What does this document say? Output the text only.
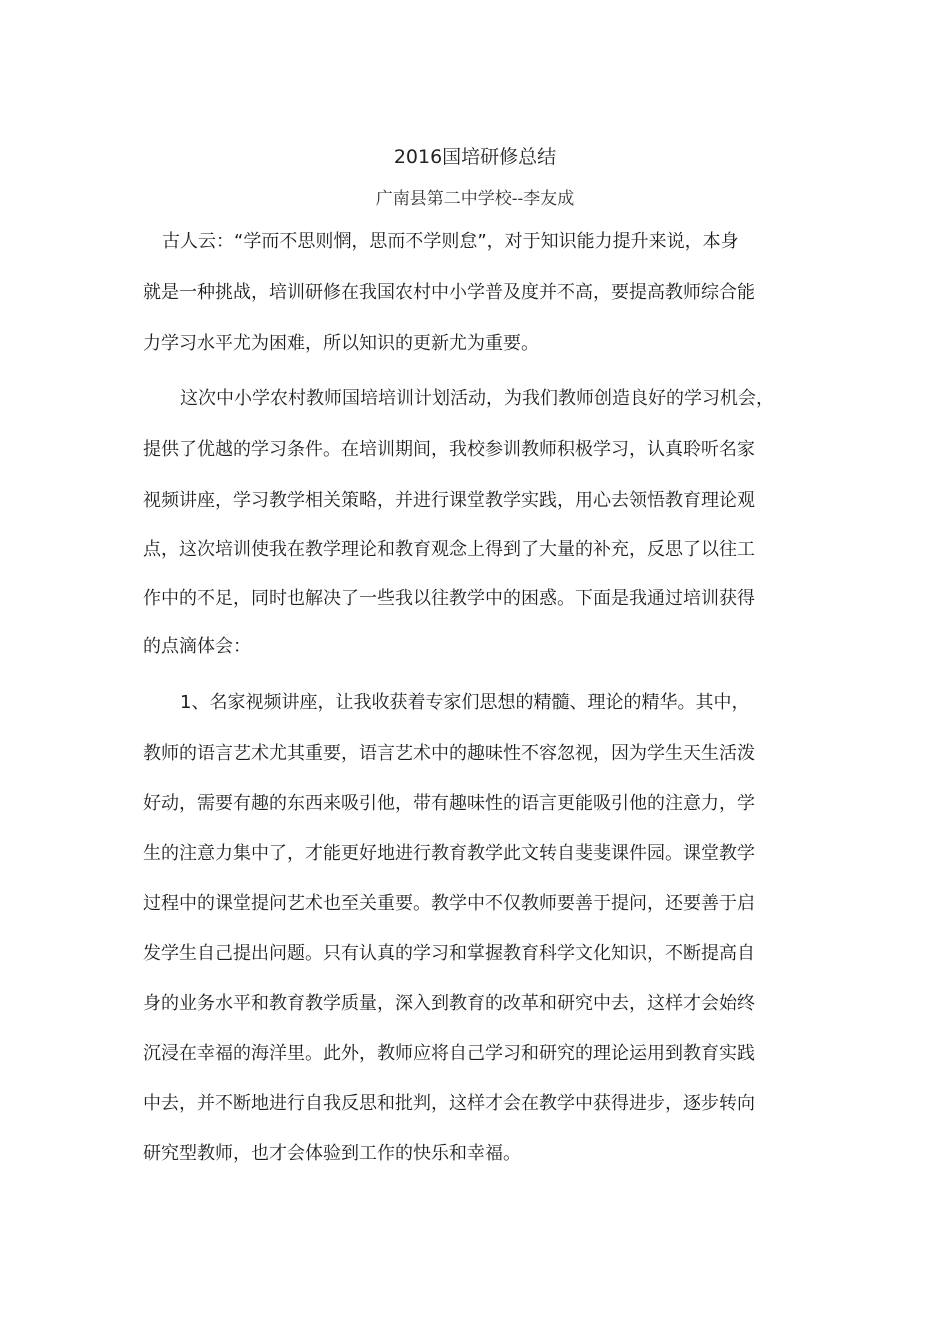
2016国培研修总结
广南县第二中学校--李友成
古人云：“学而不思则惘，思而不学则怠”，对于知识能力提升来说，本身
就是一种挑战，培训研修在我国农村中小学普及度并不高，要提高教师综合能
力学习水平尤为困难，所以知识的更新尤为重要。
这次中小学农村教师国培培训计划活动，为我们教师创造良好的学习机会，
提供了优越的学习条件。在培训期间，我校参训教师积极学习，认真聆听名家
视频讲座，学习教学相关策略，并进行课堂教学实践，用心去领悟教育理论观
点，这次培训使我在教学理论和教育观念上得到了大量的补充，反思了以往工
作中的不足，同时也解决了一些我以往教学中的困惑。下面是我通过培训获得
的点滴体会：
1、名家视频讲座，让我收获着专家们思想的精髓、理论的精华。其中，
教师的语言艺术尤其重要，语言艺术中的趣味性不容忽视，因为学生天生活泼
好动，需要有趣的东西来吸引他，带有趣味性的语言更能吸引他的注意力，学
生的注意力集中了，才能更好地进行教育教学此文转自斐斐课件园。课堂教学
过程中的课堂提问艺术也至关重要。教学中不仅教师要善于提问，还要善于启
发学生自己提出问题。只有认真的学习和掌握教育科学文化知识，不断提高自
身的业务水平和教育教学质量，深入到教育的改革和研究中去，这样才会始终
沉浸在幸福的海洋里。此外，教师应将自己学习和研究的理论运用到教育实践
中去，并不断地进行自我反思和批判，这样才会在教学中获得进步，逐步转向
研究型教师，也才会体验到工作的快乐和幸福。
